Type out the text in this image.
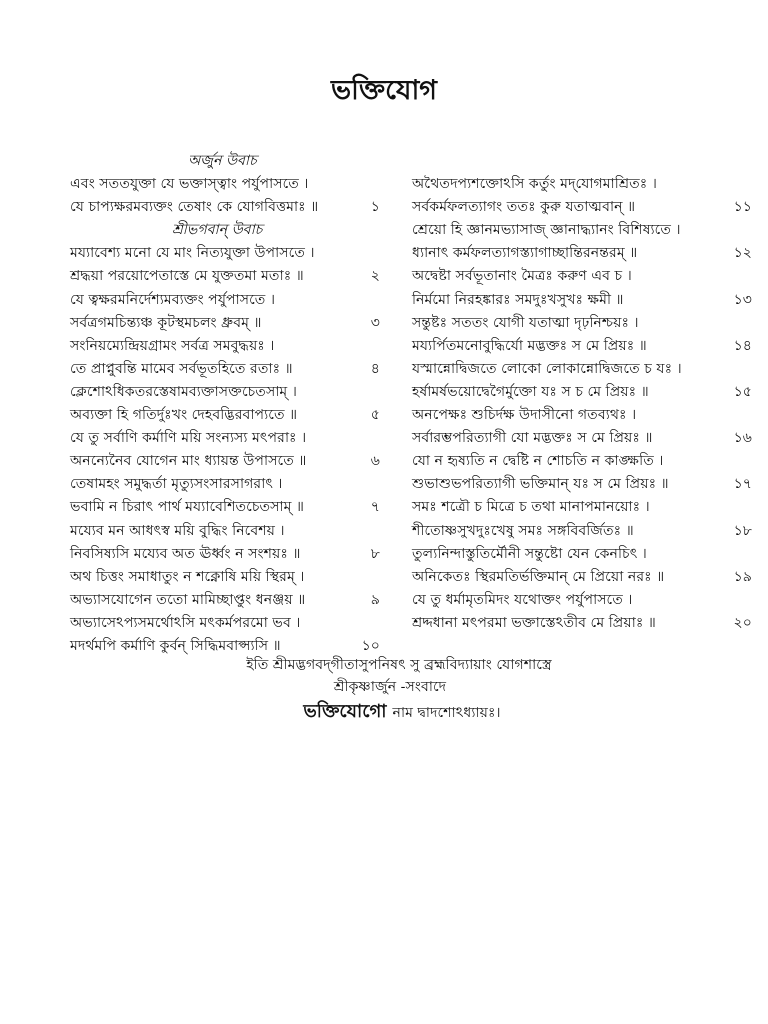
ভক্তিযোগ
অর্জুন উবাচ
এবং সততযুক্তা যে ভক্তাস্ত্বাং পর্যুপাসতে ।
যে চাপ্যক্ষরমব্যক্তং তেষাং কে যোগবিত্তমাঃ ॥	১
শ্রীভগবান্ উবাচ
ময্যাবেশ্য মনো যে মাং নিত্যযুক্তা উপাসতে ।
শ্রদ্ধয়া পরয়োপেতাস্তে মে যুক্ততমা মতাঃ ॥	২
যে ত্বক্ষরমনির্দেশ্যমব্যক্তং পর্যুপাসতে ।
সর্বত্রগমচিন্ত্যঞ্চ কূটস্থমচলং ধ্রুবম্ ॥	৩
সংনিয়ম্যেন্দ্রিয়গ্রামং সর্বত্র সমবুদ্ধয়ঃ ।
তে প্রাপ্নুবন্তি মামেব সর্বভূতহিতে রতাঃ ॥	৪
ক্লেশোঽধিকতরস্তেষামব্যক্তাসক্তচেতসাম্ ।
অব্যক্তা হি গতির্দুঃখং দেহবদ্ভিরবাপ্যতে ॥	৫
যে তু সর্বাণি কর্মাণি ময়ি সংন্যস্য মৎপরাঃ ।
অনন্যেনৈব যোগেন মাং ধ্যায়ন্ত উপাসতে ॥	৬
তেষামহং সমুদ্ধর্তা মৃত্যুসংসারসাগরাৎ ।
ভবামি ন চিরাৎ পার্থ ময্যাবেশিতচেতসাম্ ॥	৭
ময্যেব মন আধৎস্ব ময়ি বুদ্ধিং নিবেশয় ।
নিবসিষ্যসি ময্যেব অত ঊর্ধ্বং ন সংশয়ঃ ॥	৮
অথ চিত্তং সমাধাতুং ন শক্নোষি ময়ি স্থিরম্ ।
অভ্যাসযোগেন ততো মামিচ্ছাপ্তুং ধনঞ্জয় ॥	৯
অভ্যাসেঽপ্যসমর্থোঽসি মৎকর্মপরমো ভব ।
মদর্থমপি কর্মাণি কুর্বন্ সিদ্ধিমবাপ্স্যসি ॥	১০
অথৈতদপ্যশক্তোঽসি কর্তুং মদ্‌যোগমাশ্রিতঃ ।
সর্বকর্মফলত্যাগং ততঃ কুরু যতাত্মবান্ ॥	১১
শ্রেয়ো হি জ্ঞানমভ্যাসাজ্ জ্ঞানাদ্ধ্যানং বিশিষ্যতে ।
ধ্যানাৎ কর্মফলত্যাগস্ত্যাগাচ্ছান্তিরনন্তরম্ ॥	১২
অদ্বেষ্টা সর্বভূতানাং মৈত্রঃ করুণ এব চ ।
নির্মমো নিরহঙ্কারঃ সমদুঃখসুখঃ ক্ষমী ॥	১৩
সন্তুষ্টঃ সততং যোগী যতাত্মা দৃঢ়নিশ্চয়ঃ ।
ময্যর্পিতমনোবুদ্ধির্যো মদ্ভক্তঃ স মে প্রিয়ঃ ॥	১৪
যস্মান্নোদ্বিজতে লোকো লোকান্নোদ্বিজতে চ যঃ ।
হর্ষামর্ষভয়োদ্বেগৈর্মুক্তো যঃ স চ মে প্রিয়ঃ ॥	১৫
অনপেক্ষঃ শুচির্দক্ষ উদাসীনো গতব্যথঃ ।
সর্বারম্ভপরিত্যাগী যো মদ্ভক্তঃ স মে প্রিয়ঃ ॥	১৬
যো ন হৃষ্যতি ন দ্বেষ্টি ন শোচতি ন কাঙ্ক্ষতি ।
শুভাশুভপরিত্যাগী ভক্তিমান্ যঃ স মে প্রিয়ঃ ॥	১৭
সমঃ শত্রৌ চ মিত্রে চ তথা মানাপমানয়োঃ ।
শীতোষ্ণসুখদুঃখেষু সমঃ সঙ্গবিবর্জিতঃ ॥	১৮
তুল্যনিন্দাস্তুতির্মৌনী সন্তুষ্টো যেন কেনচিৎ ।
অনিকেতঃ স্থিরমতির্ভক্তিমান্ মে প্রিয়ো নরঃ ॥	১৯
যে তু ধর্মামৃতমিদং যথোক্তং পর্যুপাসতে ।
শ্রদ্দধানা মৎপরমা ভক্তাস্তেঽতীব মে প্রিয়াঃ ॥	২০
ইতি শ্রীমদ্ভগবদ্‌গীতাসুপনিষৎ সু ব্রহ্মবিদ্যায়াং যোগশাস্ত্রে
শ্রীকৃষ্ণার্জুন -সংবাদে
ভক্তিযোগো নাম দ্বাদশোঽধ্যায়ঃ।
